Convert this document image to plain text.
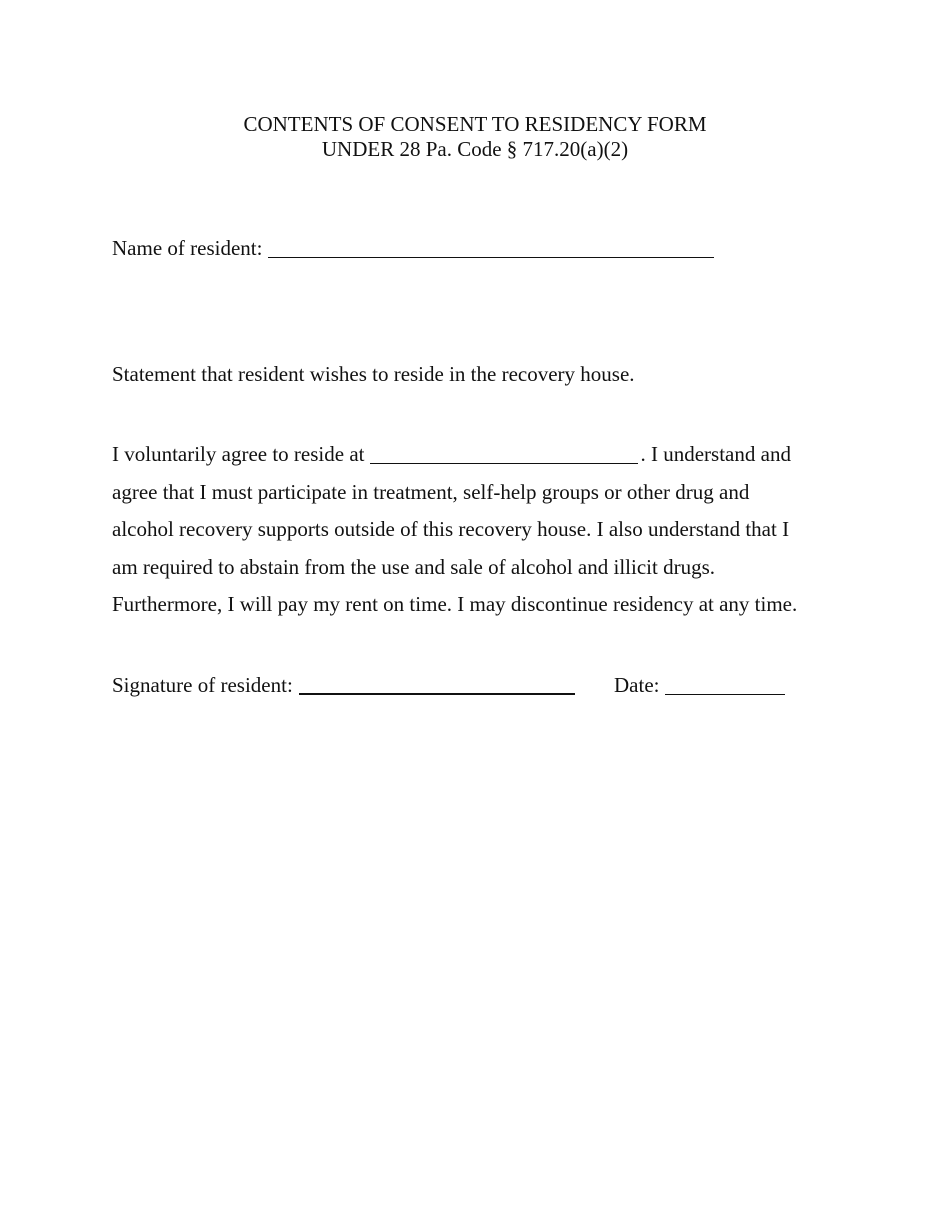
CONTENTS OF CONSENT TO RESIDENCY FORM
UNDER 28 Pa. Code § 717.20(a)(2)
Name of resident:
Statement that resident wishes to reside in the recovery house.
I voluntarily agree to reside at	. I understand and
agree that I must participate in treatment, self-help groups or other drug and
alcohol recovery supports outside of this recovery house. I also understand that I
am required to abstain from the use and sale of alcohol and illicit drugs.
Furthermore, I will pay my rent on time. I may discontinue residency at any time.
Signature of resident:	Date:
